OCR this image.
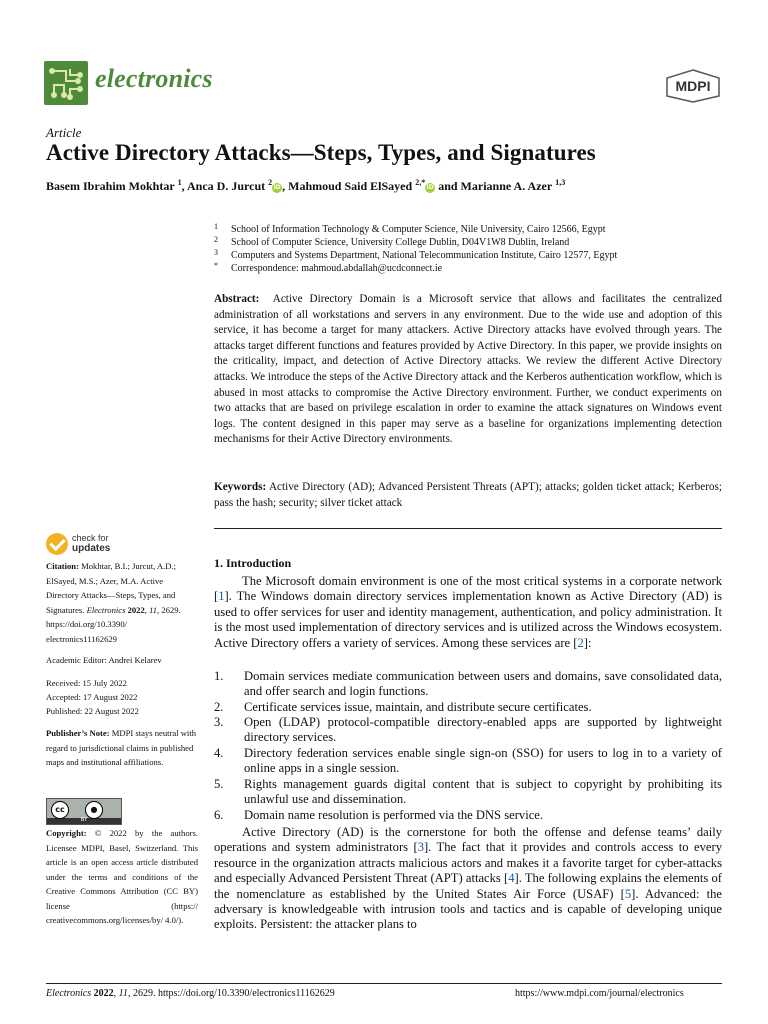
electronics	MDPI
Article
Active Directory Attacks—Steps, Types, and Signatures
Basem Ibrahim Mokhtar $^1$, Anca D. Jurcut $^2$iD, Mahmoud Said ElSayed $^{2,*}$iD and Marianne A. Azer $^{1,3}$
1 School of Information Technology & Computer Science, Nile University, Cairo 12566, Egypt
2 School of Computer Science, University College Dublin, D04V1W8 Dublin, Ireland
3 Computers and Systems Department, National Telecommunication Institute, Cairo 12577, Egypt
* Correspondence: mahmoud.abdallah@ucdconnect.ie
Abstract: Active Directory Domain is a Microsoft service that allows and facilitates the centralized administration of all workstations and servers in any environment. Due to the wide use and adoption of this service, it has become a target for many attackers. Active Directory attacks have evolved through years. The attacks target different functions and features provided by Active Directory. In this paper, we provide insights on the criticality, impact, and detection of Active Directory attacks. We review the different Active Directory attacks. We introduce the steps of the Active Directory attack and the Kerberos authentication workflow, which is abused in most attacks to compromise the Active Directory environment. Further, we conduct experiments on two attacks that are based on privilege escalation in order to examine the attack signatures on Windows event logs. The content designed in this paper may serve as a baseline for organizations implementing detection mechanisms for their Active Directory environments.
Keywords: Active Directory (AD); Advanced Persistent Threats (APT); attacks; golden ticket attack; Kerberos; pass the hash; security; silver ticket attack
check for
updates
Citation: Mokhtar, B.I.; Jurcut, A.D.; ElSayed, M.S.; Azer, M.A. Active Directory Attacks—Steps, Types, and Signatures. Electronics 2022, 11, 2629. https://doi.org/10.3390/ electronics11162629
Academic Editor: Andrei Kelarev
Received: 15 July 2022
Accepted: 17 August 2022
Published: 22 August 2022
Publisher’s Note: MDPI stays neutral with regard to jurisdictional claims in published maps and institutional affiliations.
cc	●
BY
Copyright: © 2022 by the authors. Licensee MDPI, Basel, Switzerland. This article is an open access article distributed under the terms and conditions of the Creative Commons Attribution (CC BY) license (https:// creativecommons.org/licenses/by/ 4.0/).
1. Introduction
The Microsoft domain environment is one of the most critical systems in a corporate network [1]. The Windows domain directory services implementation known as Active Directory (AD) is used to offer services for user and identity management, authentication, and policy administration. It is the most used implementation of directory services and is utilized across the Windows ecosystem. Active Directory offers a variety of services. Among these services are [2]:
1.	Domain services mediate communication between users and domains, save consolidated data, and offer search and login functions.
2.	Certificate services issue, maintain, and distribute secure certificates.
3.	Open (LDAP) protocol-compatible directory-enabled apps are supported by lightweight directory services.
4.	Directory federation services enable single sign-on (SSO) for users to log in to a variety of online apps in a single session.
5.	Rights management guards digital content that is subject to copyright by prohibiting its unlawful use and dissemination.
6.	Domain name resolution is performed via the DNS service.
Active Directory (AD) is the cornerstone for both the offense and defense teams’ daily operations and system administrators [3]. The fact that it provides and controls access to every resource in the organization attracts malicious actors and makes it a favorite target for cyber-attacks and especially Advanced Persistent Threat (APT) attacks [4]. The following explains the elements of the nomenclature as established by the United States Air Force (USAF) [5]. Advanced: the adversary is knowledgeable with intrusion tools and tactics and is capable of developing unique exploits. Persistent: the attacker plans to
Electronics 2022, 11, 2629. https://doi.org/10.3390/electronics11162629	https://www.mdpi.com/journal/electronics
